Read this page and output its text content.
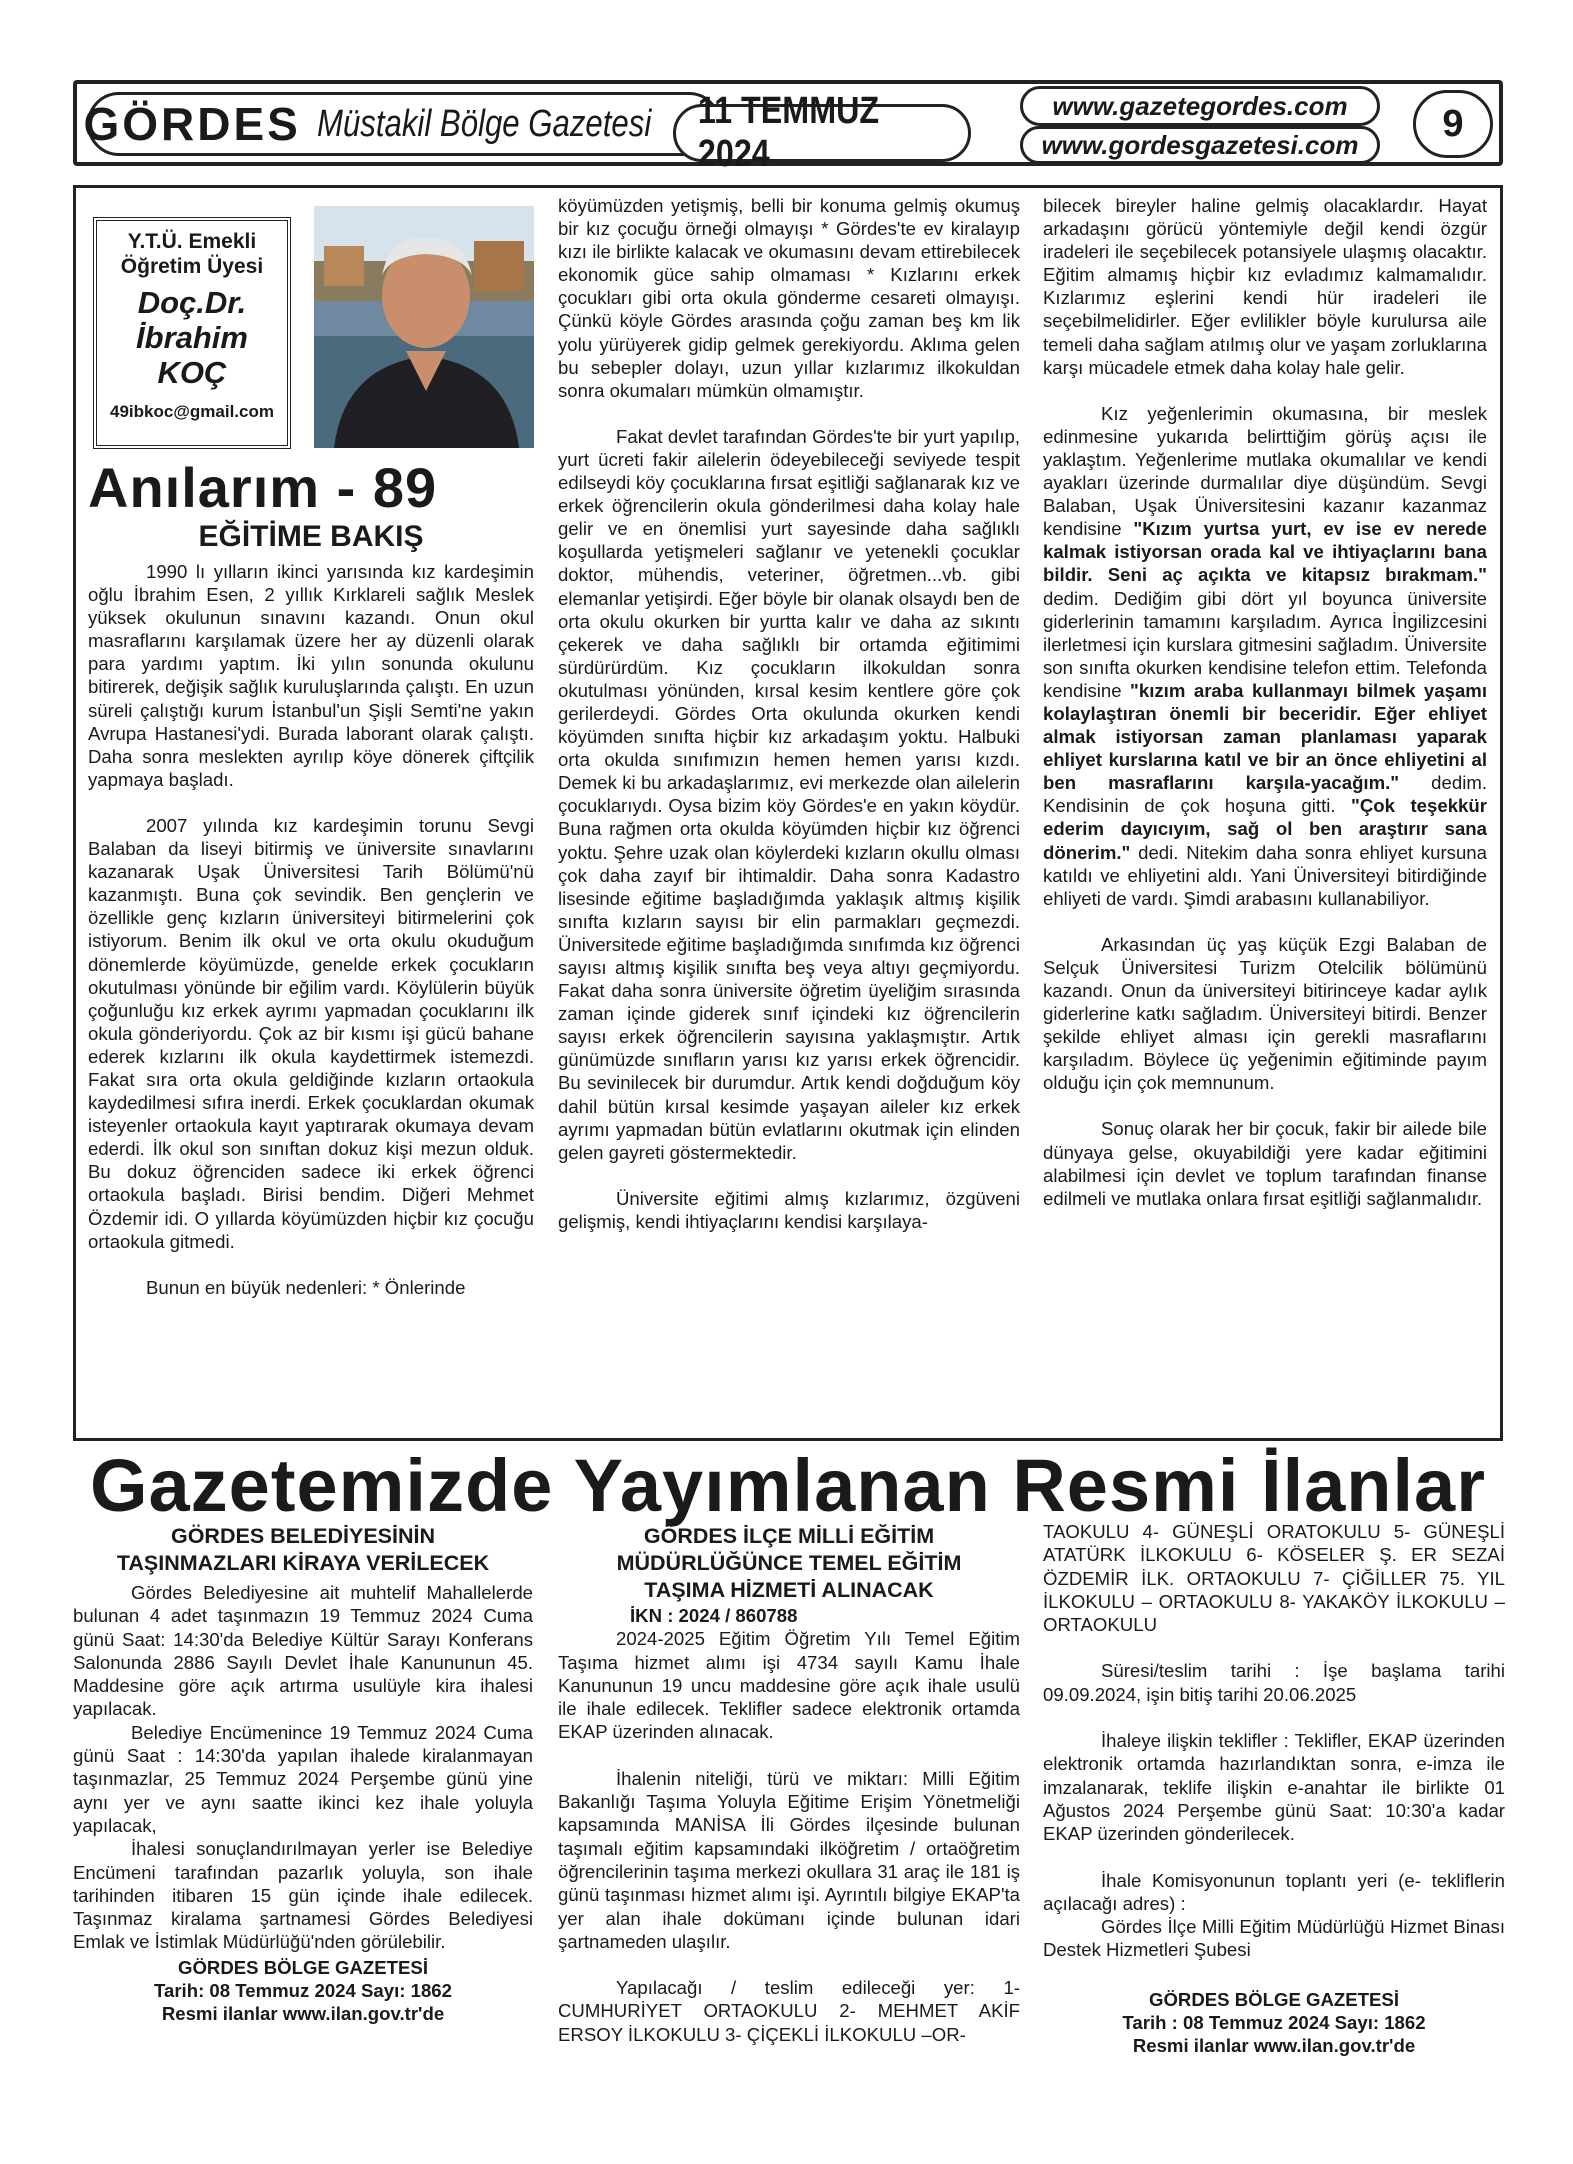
GÖRDES Müstakil Bölge Gazetesi 11 TEMMUZ 2024
www.gazetegordes.com
www.gordesgazetesi.com	9
Y.T.Ü. Emekli Öğretim Üyesi
Doç.Dr.
İbrahim
KOÇ
49ibkoc@gmail.com
Anılarım - 89
EĞİTİME BAKIŞ

1990 lı yılların ikinci yarısında kız kardeşimin oğlu İbrahim Esen, 2 yıllık Kırklareli sağlık Meslek yüksek okulunun sınavını kazandı. Onun okul masraflarını karşılamak üzere her ay düzenli olarak para yardımı yaptım. İki yılın sonunda okulunu bitirerek, değişik sağlık kuruluşlarında çalıştı. En uzun süreli çalıştığı kurum İstanbul'un Şişli Semti'ne yakın Avrupa Hastanesi'ydi. Burada laborant olarak çalıştı. Daha sonra meslekten ayrılıp köye dönerek çiftçilik yapmaya başladı.

2007 yılında kız kardeşimin torunu Sevgi Balaban da liseyi bitirmiş ve üniversite sınavlarını kazanarak Uşak Üniversitesi Tarih Bölümü'nü kazanmıştı. Buna çok sevindik. Ben gençlerin ve özellikle genç kızların üniversiteyi bitirmelerini çok istiyorum. Benim ilk okul ve orta okulu okuduğum dönemlerde köyümüzde, genelde erkek çocukların okutulması yönünde bir eğilim vardı. Köylülerin büyük çoğunluğu kız erkek ayrımı yapmadan çocuklarını ilk okula gönderiyordu. Çok az bir kısmı işi gücü bahane ederek kızlarını ilk okula kaydettirmek istemezdi. Fakat sıra orta okula geldiğinde kızların ortaokula kaydedilmesi sıfıra inerdi. Erkek çocuklardan okumak isteyenler ortaokula kayıt yaptırarak okumaya devam ederdi. İlk okul son sınıftan dokuz kişi mezun olduk. Bu dokuz öğrenciden sadece iki erkek öğrenci ortaokula başladı. Birisi bendim. Diğeri Mehmet Özdemir idi. O yıllarda köyümüzden hiçbir kız çocuğu ortaokula gitmedi.

Bunun en büyük nedenleri: * Önlerinde

köyümüzden yetişmiş, belli bir konuma gelmiş okumuş bir kız çocuğu örneği olmayışı * Gördes'te ev kiralayıp kızı ile birlikte kalacak ve okumasını devam ettirebilecek ekonomik güce sahip olmaması * Kızlarını erkek çocukları gibi orta okula gönderme cesareti olmayışı. Çünkü köyle Gördes arasında çoğu zaman beş km lik yolu yürüyerek gidip gelmek gerekiyordu. Aklıma gelen bu sebepler dolayı, uzun yıllar kızlarımız ilkokuldan sonra okumaları mümkün olmamıştır.

Fakat devlet tarafından Gördes'te bir yurt yapılıp, yurt ücreti fakir ailelerin ödeyebileceği seviyede tespit edilseydi köy çocuklarına fırsat eşitliği sağlanarak kız ve erkek öğrencilerin okula gönderilmesi daha kolay hale gelir ve en önemlisi yurt sayesinde daha sağlıklı koşullarda yetişmeleri sağlanır ve yetenekli çocuklar doktor, mühendis, veteriner, öğretmen...vb. gibi elemanlar yetişirdi. Eğer böyle bir olanak olsaydı ben de orta okulu okurken bir yurtta kalır ve daha az sıkıntı çekerek ve daha sağlıklı bir ortamda eğitimimi sürdürürdüm. Kız çocukların ilkokuldan sonra okutulması yönünden, kırsal kesim kentlere göre çok gerilerdeydi. Gördes Orta okulunda okurken kendi köyümden sınıfta hiçbir kız arkadaşım yoktu. Halbuki orta okulda sınıfımızın hemen hemen yarısı kızdı. Demek ki bu arkadaşlarımız, evi merkezde olan ailelerin çocuklarıydı. Oysa bizim köy Gördes'e en yakın köydür. Buna rağmen orta okulda köyümden hiçbir kız öğrenci yoktu. Şehre uzak olan köylerdeki kızların okullu olması çok daha zayıf bir ihtimaldir. Daha sonra Kadastro lisesinde eğitime başladığımda yaklaşık altmış kişilik sınıfta kızların sayısı bir elin parmakları geçmezdi. Üniversitede eğitime başladığımda sınıfımda kız öğrenci sayısı altmış kişilik sınıfta beş veya altıyı geçmiyordu. Fakat daha sonra üniversite öğretim üyeliğim sırasında zaman içinde giderek sınıf içindeki kız öğrencilerin sayısı erkek öğrencilerin sayısına yaklaşmıştır. Artık günümüzde sınıfların yarısı kız yarısı erkek öğrencidir. Bu sevinilecek bir durumdur. Artık kendi doğduğum köy dahil bütün kırsal kesimde yaşayan aileler kız erkek ayrımı yapmadan bütün evlatlarını okutmak için elinden gelen gayreti göstermektedir.

Üniversite eğitimi almış kızlarımız, özgüveni gelişmiş, kendi ihtiyaçlarını kendisi karşılaya-

bilecek bireyler haline gelmiş olacaklardır. Hayat arkadaşını görücü yöntemiyle değil kendi özgür iradeleri ile seçebilecek potansiyele ulaşmış olacaktır. Eğitim almamış hiçbir kız evladımız kalmamalıdır. Kızlarımız eşlerini kendi hür iradeleri ile seçebilmelidirler. Eğer evlilikler böyle kurulursa aile temeli daha sağlam atılmış olur ve yaşam zorluklarına karşı mücadele etmek daha kolay hale gelir.

Kız yeğenlerimin okumasına, bir meslek edinmesine yukarıda belirttiğim görüş açısı ile yaklaştım. Yeğenlerime mutlaka okumalılar ve kendi ayakları üzerinde durmalılar diye düşündüm. Sevgi Balaban, Uşak Üniversitesini kazanır kazanmaz kendisine "Kızım yurtsa yurt, ev ise ev nerede kalmak istiyorsan orada kal ve ihtiyaçlarını bana bildir. Seni aç açıkta ve kitapsız bırakmam." dedim. Dediğim gibi dört yıl boyunca üniversite giderlerinin tamamını karşıladım. Ayrıca İngilizcesini ilerletmesi için kurslara gitmesini sağladım. Üniversite son sınıfta okurken kendisine telefon ettim. Telefonda kendisine "kızım araba kullanmayı bilmek yaşamı kolaylaştıran önemli bir beceridir. Eğer ehliyet almak istiyorsan zaman planlaması yaparak ehliyet kurslarına katıl ve bir an önce ehliyetini al ben masraflarını karşıla-yacağım." dedim. Kendisinin de çok hoşuna gitti. "Çok teşekkür ederim dayıcıyım, sağ ol ben araştırır sana dönerim." dedi. Nitekim daha sonra ehliyet kursuna katıldı ve ehliyetini aldı. Yani Üniversiteyi bitirdiğinde ehliyeti de vardı. Şimdi arabasını kullanabiliyor.

Arkasından üç yaş küçük Ezgi Balaban de Selçuk Üniversitesi Turizm Otelcilik bölümünü kazandı. Onun da üniversiteyi bitirinceye kadar aylık giderlerine katkı sağladım. Üniversiteyi bitirdi. Benzer şekilde ehliyet alması için gerekli masraflarını karşıladım. Böylece üç yeğenimin eğitiminde payım olduğu için çok memnunum.

Sonuç olarak her bir çocuk, fakir bir ailede bile dünyaya gelse, okuyabildiği yere kadar eğitimini alabilmesi için devlet ve toplum tarafından finanse edilmeli ve mutlaka onlara fırsat eşitliği sağlanmalıdır.

Gazetemizde Yayımlanan Resmi İlanlar
GÖRDES BELEDİYESİNİN
TAŞINMAZLARI KİRAYA VERİLECEK

Gördes Belediyesine ait muhtelif Mahallelerde bulunan 4 adet taşınmazın 19 Temmuz 2024 Cuma günü Saat: 14:30'da Belediye Kültür Sarayı Konferans Salonunda 2886 Sayılı Devlet İhale Kanununun 45. Maddesine göre açık artırma usulüyle kira ihalesi yapılacak.

Belediye Encümenince 19 Temmuz 2024 Cuma günü Saat : 14:30'da yapılan ihalede kiralanmayan taşınmazlar, 25 Temmuz 2024 Perşembe günü yine aynı yer ve aynı saatte ikinci kez ihale yoluyla yapılacak,

İhalesi sonuçlandırılmayan yerler ise Belediye Encümeni tarafından pazarlık yoluyla, son ihale tarihinden itibaren 15 gün içinde ihale edilecek. Taşınmaz kiralama şartnamesi Gördes Belediyesi Emlak ve İstimlak Müdürlüğü'nden görülebilir.

GÖRDES BÖLGE GAZETESİ
Tarih: 08 Temmuz 2024 Sayı: 1862
Resmi ilanlar www.ilan.gov.tr'de
GÖRDES İLÇE MİLLİ EĞİTİM
MÜDÜRLÜĞÜNCE TEMEL EĞİTİM
TAŞIMA HİZMETİ ALINACAK

İKN : 2024 / 860788

2024-2025 Eğitim Öğretim Yılı Temel Eğitim Taşıma hizmet alımı işi 4734 sayılı Kamu İhale Kanununun 19 uncu maddesine göre açık ihale usulü ile ihale edilecek. Teklifler sadece elektronik ortamda EKAP üzerinden alınacak.

İhalenin niteliği, türü ve miktarı: Milli Eğitim Bakanlığı Taşıma Yoluyla Eğitime Erişim Yönetmeliği kapsamında MANİSA İli Gördes ilçesinde bulunan taşımalı eğitim kapsamındaki ilköğretim / ortaöğretim öğrencilerinin taşıma merkezi okullara 31 araç ile 181 iş günü taşınması hizmet alımı işi. Ayrıntılı bilgiye EKAP'ta yer alan ihale dokümanı içinde bulunan idari şartnameden ulaşılır.

Yapılacağı / teslim edileceği yer: 1- CUMHURİYET ORTAOKULU 2- MEHMET AKİF ERSOY İLKOKULU 3- ÇİÇEKLİ İLKOKULU –OR-

TAOKULU 4- GÜNEŞLİ ORATOKULU 5- GÜNEŞLİ ATATÜRK İLKOKULU 6- KÖSELER Ş. ER SEZAİ ÖZDEMİR İLK. ORTAOKULU 7- ÇİĞİLLER 75. YIL İLKOKULU – ORTAOKULU 8- YAKAKÖY İLKOKULU – ORTAOKULU

Süresi/teslim tarihi : İşe başlama tarihi 09.09.2024, işin bitiş tarihi 20.06.2025

İhaleye ilişkin teklifler : Teklifler, EKAP üzerinden elektronik ortamda hazırlandıktan sonra, e-imza ile imzalanarak, teklife ilişkin e-anahtar ile birlikte 01 Ağustos 2024 Perşembe günü Saat: 10:30'a kadar EKAP üzerinden gönderilecek.

İhale Komisyonunun toplantı yeri (e- tekliflerin açılacağı adres) :

Gördes İlçe Milli Eğitim Müdürlüğü Hizmet Binası Destek Hizmetleri Şubesi

GÖRDES BÖLGE GAZETESİ
Tarih : 08 Temmuz 2024 Sayı: 1862
Resmi ilanlar www.ilan.gov.tr'de
